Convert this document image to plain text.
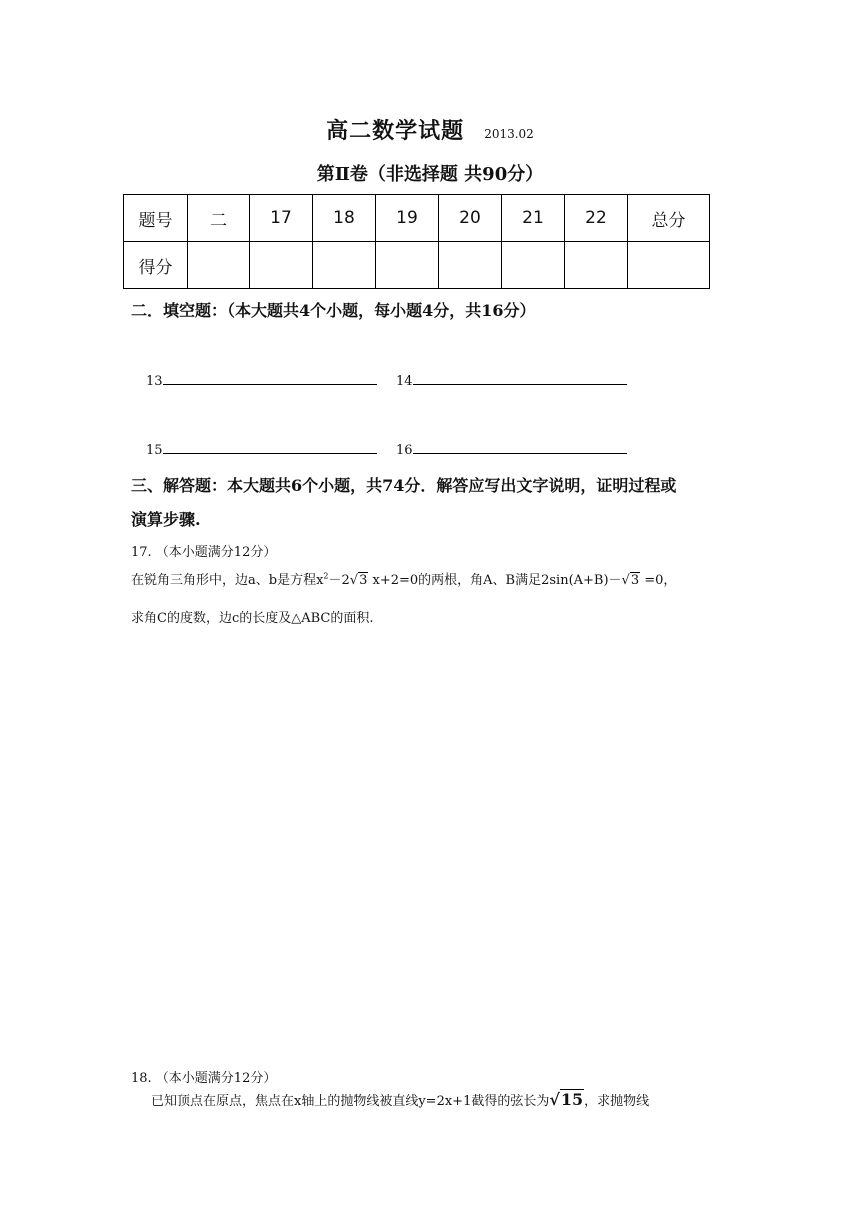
高二数学试题 2013.02
第Ⅱ卷（非选择题 共90分）
题号	二	17	18	19	20	21	22	总分
得分								
二．填空题：（本大题共4个小题，每小题4分，共16分）
13	14
15	16
三、解答题：本大题共6个小题，共74分．解答应写出文字说明，证明过程或
演算步骤.
17. （本小题满分12分）
在锐角三角形中，边a、b是方程$x^2-2√3$ x+2=0的两根，角A、B满足2sin(A+B)－√3 =0，
求角C的度数，边c的长度及△ABC的面积.
18. （本小题满分12分）
已知顶点在原点，焦点在x轴上的抛物线被直线y=2x+1截得的弦长为√15，求抛物线
